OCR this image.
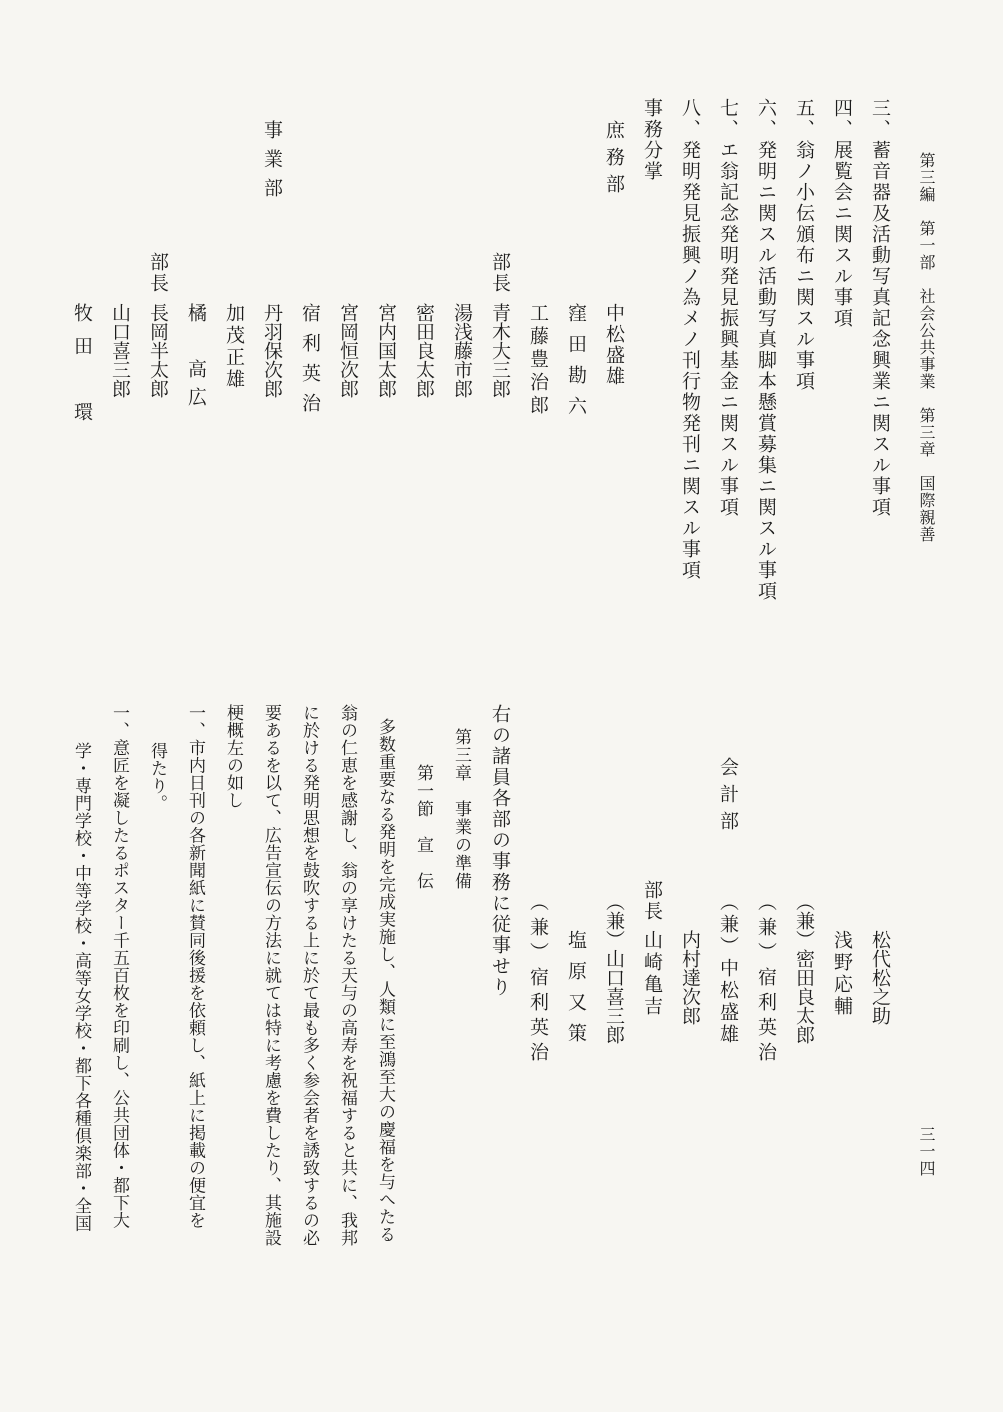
第三編　第一部　社会公共事業　第三章　国際親善
三一四
三、蓄音器及活動写真記念興業ニ関スル事項
四、展覧会ニ関スル事項
五、翁ノ小伝頒布ニ関スル事項
六、発明ニ関スル活動写真脚本懸賞募集ニ関スル事項
七、エ翁記念発明発見振興基金ニ関スル事項
八、発明発見振興ノ為メノ刊行物発刊ニ関スル事項
事務分掌
庶務部
中松盛雄
窪田勘六
工藤豊治郎
部長
青木大三郎
湯浅藤市郎
密田良太郎
宮内国太郎
宮岡恒次郎
宿利英治
丹羽保次郎
加茂正雄
橘　高広
事業部
部長
長岡半太郎
山口喜三郎
牧田　環
松代松之助
浅野応輔
（兼）密田良太郎
（兼）宿利英治
（兼）中松盛雄
会計部
内村達次郎
部長
山崎亀吉
（兼）山口喜三郎
塩原又策
（兼）宿利英治
右の諸員各部の事務に従事せり
第三章　事業の準備
第一節　宣　伝
多数重要なる発明を完成実施し、人類に至鴻至大の慶福を与へたる
翁の仁恵を感謝し、翁の享けたる天与の高寿を祝福すると共に、我邦
に於ける発明思想を鼓吹する上に於て最も多く参会者を誘致するの必
要あるを以て、広告宣伝の方法に就ては特に考慮を費したり、其施設
梗概左の如し
一、市内日刊の各新聞紙に賛同後援を依頼し、紙上に掲載の便宜を
得たり。
一、意匠を凝したるポスター千五百枚を印刷し、公共団体・都下大
学・専門学校・中等学校・高等女学校・都下各種倶楽部・全国
